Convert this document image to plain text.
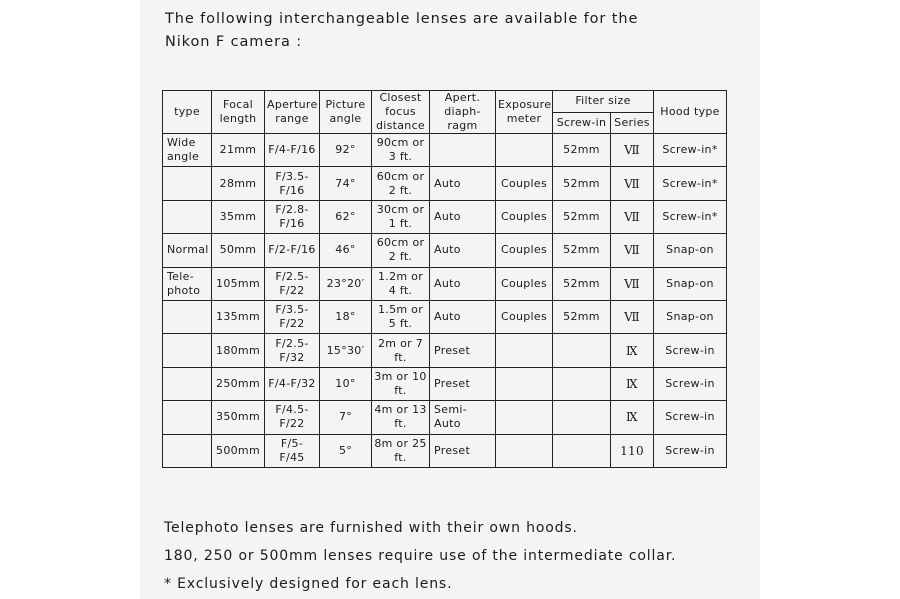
The following interchangeable lenses are available for the Nikon F camera :
type	Focal length	Aperture range	Picture angle	Closest focus distance	Apert. diaph- ragm	Exposure meter	Filter size		Hood type
							Screw-in	Series	
Wide angle	21mm	F/4-F/16	92°	90cm or 3 ft.			52mm	Ⅶ	Screw-in*
	28mm	F/3.5- F/16	74°	60cm or 2 ft.	Auto	Couples	52mm	Ⅶ	Screw-in*
	35mm	F/2.8- F/16	62°	30cm or 1 ft.	Auto	Couples	52mm	Ⅶ	Screw-in*
Normal	50mm	F/2-F/16	46°	60cm or 2 ft.	Auto	Couples	52mm	Ⅶ	Snap-on
Tele- photo	105mm	F/2.5- F/22	23°20′	1.2m or 4 ft.	Auto	Couples	52mm	Ⅶ	Snap-on
	135mm	F/3.5- F/22	18°	1.5m or 5 ft.	Auto	Couples	52mm	Ⅶ	Snap-on
	180mm	F/2.5- F/32	15°30′	2m or 7 ft.	Preset			Ⅸ	Screw-in
	250mm	F/4-F/32	10°	3m or 10 ft.	Preset			Ⅸ	Screw-in
	350mm	F/4.5- F/22	7°	4m or 13 ft.	Semi-Auto			Ⅸ	Screw-in
	500mm	F/5- F/45	5°	8m or 25 ft.	Preset			110	Screw-in

Telephoto lenses are furnished with their own hoods.

180, 250 or 500mm lenses require use of the intermediate collar.

* Exclusively designed for each lens.
